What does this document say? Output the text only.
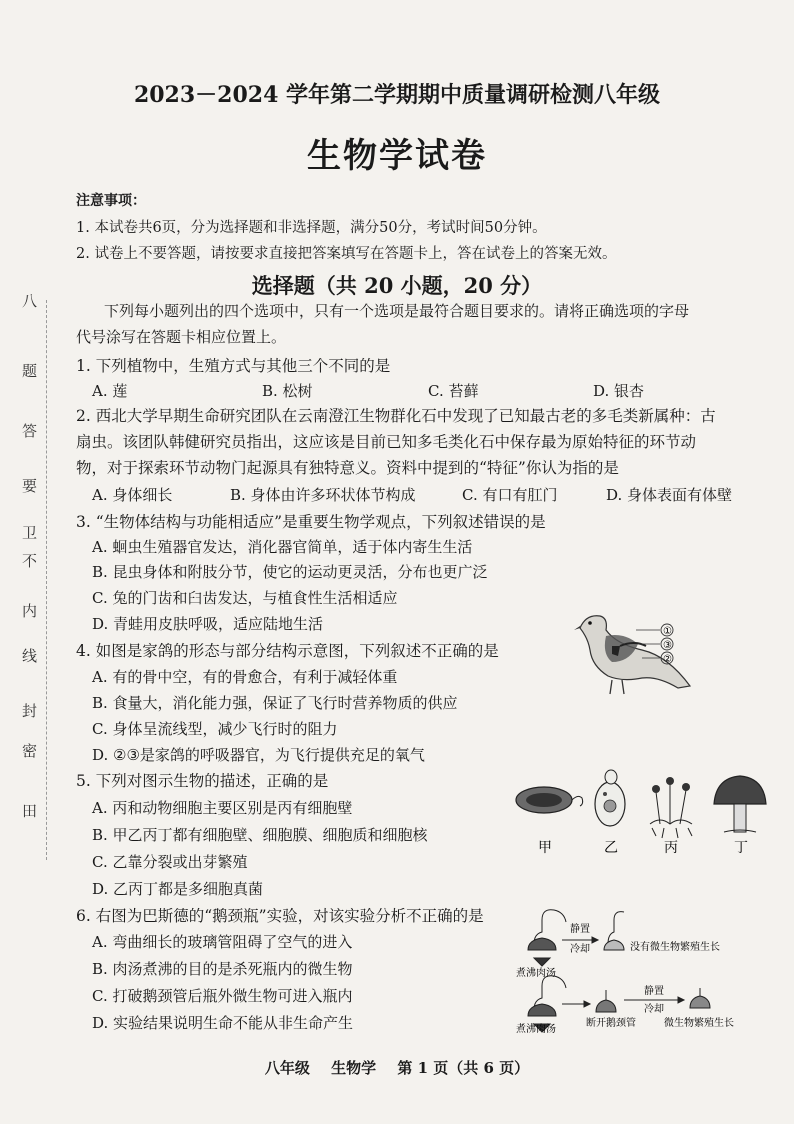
八
题
答
要
卫
不
内
线
封
密
田
2023－2024 学年第二学期期中质量调研检测八年级
生物学试卷
注意事项：
1. 本试卷共6页，分为选择题和非选择题，满分50分，考试时间50分钟。
2. 试卷上不要答题，请按要求直接把答案填写在答题卡上，答在试卷上的答案无效。
选择题（共 20 小题，20 分）
下列每小题列出的四个选项中，只有一个选项是最符合题目要求的。请将正确选项的字母
代号涂写在答题卡相应位置上。
1. 下列植物中，生殖方式与其他三个不同的是
A. 莲	B. 松树	C. 苔藓	D. 银杏
2. 西北大学早期生命研究团队在云南澄江生物群化石中发现了已知最古老的多毛类新属种：古
扇虫。该团队韩健研究员指出，这应该是目前已知多毛类化石中保存最为原始特征的环节动
物，对于探索环节动物门起源具有独特意义。资料中提到的“特征”你认为指的是
A. 身体细长	B. 身体由许多环状体节构成	C. 有口有肛门	D. 身体表面有体壁
3. “生物体结构与功能相适应”是重要生物学观点，下列叙述错误的是
A. 蛔虫生殖器官发达，消化器官简单，适于体内寄生生活
B. 昆虫身体和附肢分节，使它的运动更灵活，分布也更广泛
C. 兔的门齿和臼齿发达，与植食性生活相适应
D. 青蛙用皮肤呼吸，适应陆地生活
4. 如图是家鸽的形态与部分结构示意图，下列叙述不正确的是
A. 有的骨中空，有的骨愈合，有利于减轻体重
B. 食量大，消化能力强，保证了飞行时营养物质的供应
C. 身体呈流线型，减少飞行时的阻力
D. ②③是家鸽的呼吸器官，为飞行提供充足的氧气
①
③
②
5. 下列对图示生物的描述，正确的是
A. 丙和动物细胞主要区别是丙有细胞壁
B. 甲乙丙丁都有细胞壁、细胞膜、细胞质和细胞核
C. 乙靠分裂或出芽繁殖
D. 乙丙丁都是多细胞真菌
甲	乙	丙	丁
6. 右图为巴斯德的“鹅颈瓶”实验，对该实验分析不正确的是
A. 弯曲细长的玻璃管阻碍了空气的进入
B. 肉汤煮沸的目的是杀死瓶内的微生物
C. 打破鹅颈管后瓶外微生物可进入瓶内
D. 实验结果说明生命不能从非生命产生
静置
冷却	没有微生物繁殖生长
煮沸肉汤
静置
冷却
煮沸肉汤
断开鹅颈管	微生物繁殖生长
八年级 生物学 第 1 页（共 6 页）
